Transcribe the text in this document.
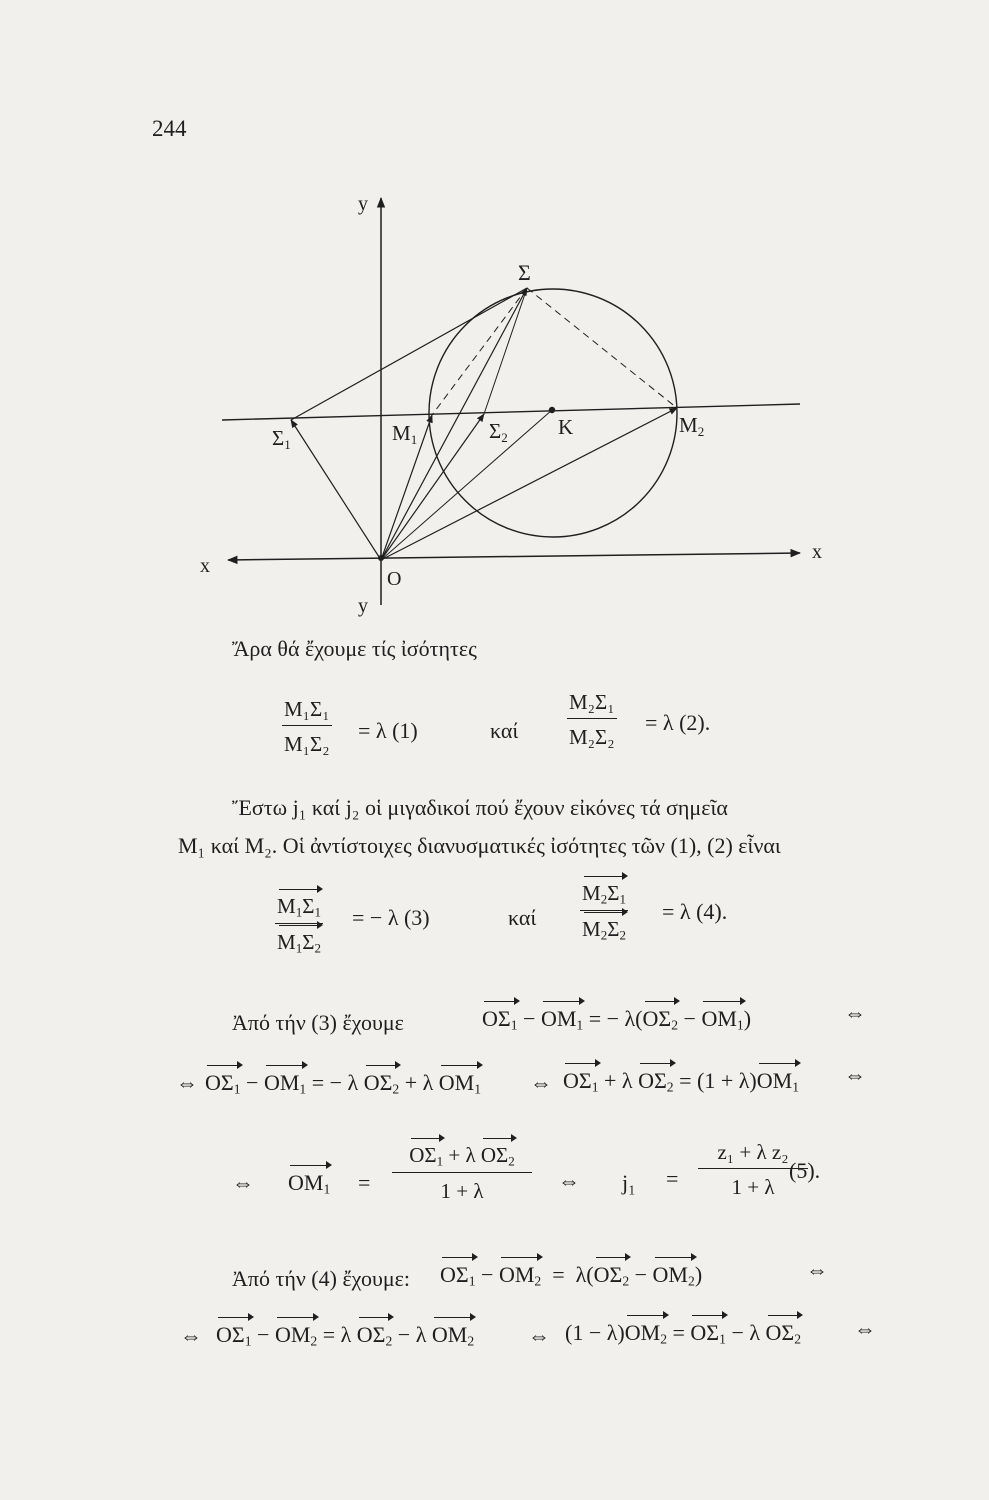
244
y
y
x
x
O
Σ
Σ1	M1	Σ2 K	M2
Ἄρα θά ἔχουμε τίς ἰσότητες
$\frac{\text{M₁Σ₁}}{\text{M₁Σ₂}} = \lambda$ (1)	καί $\frac{\text{M₂Σ₁}}{\text{M₂Σ₂}} = \lambda$ (2).
Ἔστω j₁ καί j₂ οἱ μιγαδικοί πού ἔχουν εἰκόνες τά σημεῖα
M₁ καί M₂. Οἱ ἀντίστοιχες διανυσματικές ἰσότητες τῶν (1), (2) εἶναι
$\frac{M_1\Sigma_1}{M_1\Sigma_2}$ = − λ (3)	καί $\frac{M_2\Sigma_1}{M_2\Sigma_2} = \lambda$ (4).
Ἀπό τήν (3) ἔχουμε	$O\Sigma_1 - OM_1$ = − $\lambda(O\Sigma_2 - OM_1)$	⇔
⇔ $O\Sigma_1 - OM_1$ = − λ $O\Sigma_2 + \lambda$ $OM_1$ ⇔ $O\Sigma_1 + \lambda$ $O\Sigma_2 = (1 + \lambda)OM_1$ ⇔
⇔ $OM_1 = \frac{O\Sigma_1 + \lambda O\Sigma_2}{1 + \lambda}$ ⇔ $j_1 = \frac{\text{z₁ + λ z₂}}{1 + \lambda}$
(5).
Ἀπό τήν (4) ἔχουμε: $O\Sigma_1 - OM_2 = \lambda(O\Sigma_2 - OM_2)$	⇔
⇔ $O\Sigma_1 - OM_2 = \lambda$ $O\Sigma_2 - \lambda$ $OM_2$ ⇔ $(1 - \lambda)OM_2 = O\Sigma_1 - \lambda$ $O\Sigma_2$ ⇔
